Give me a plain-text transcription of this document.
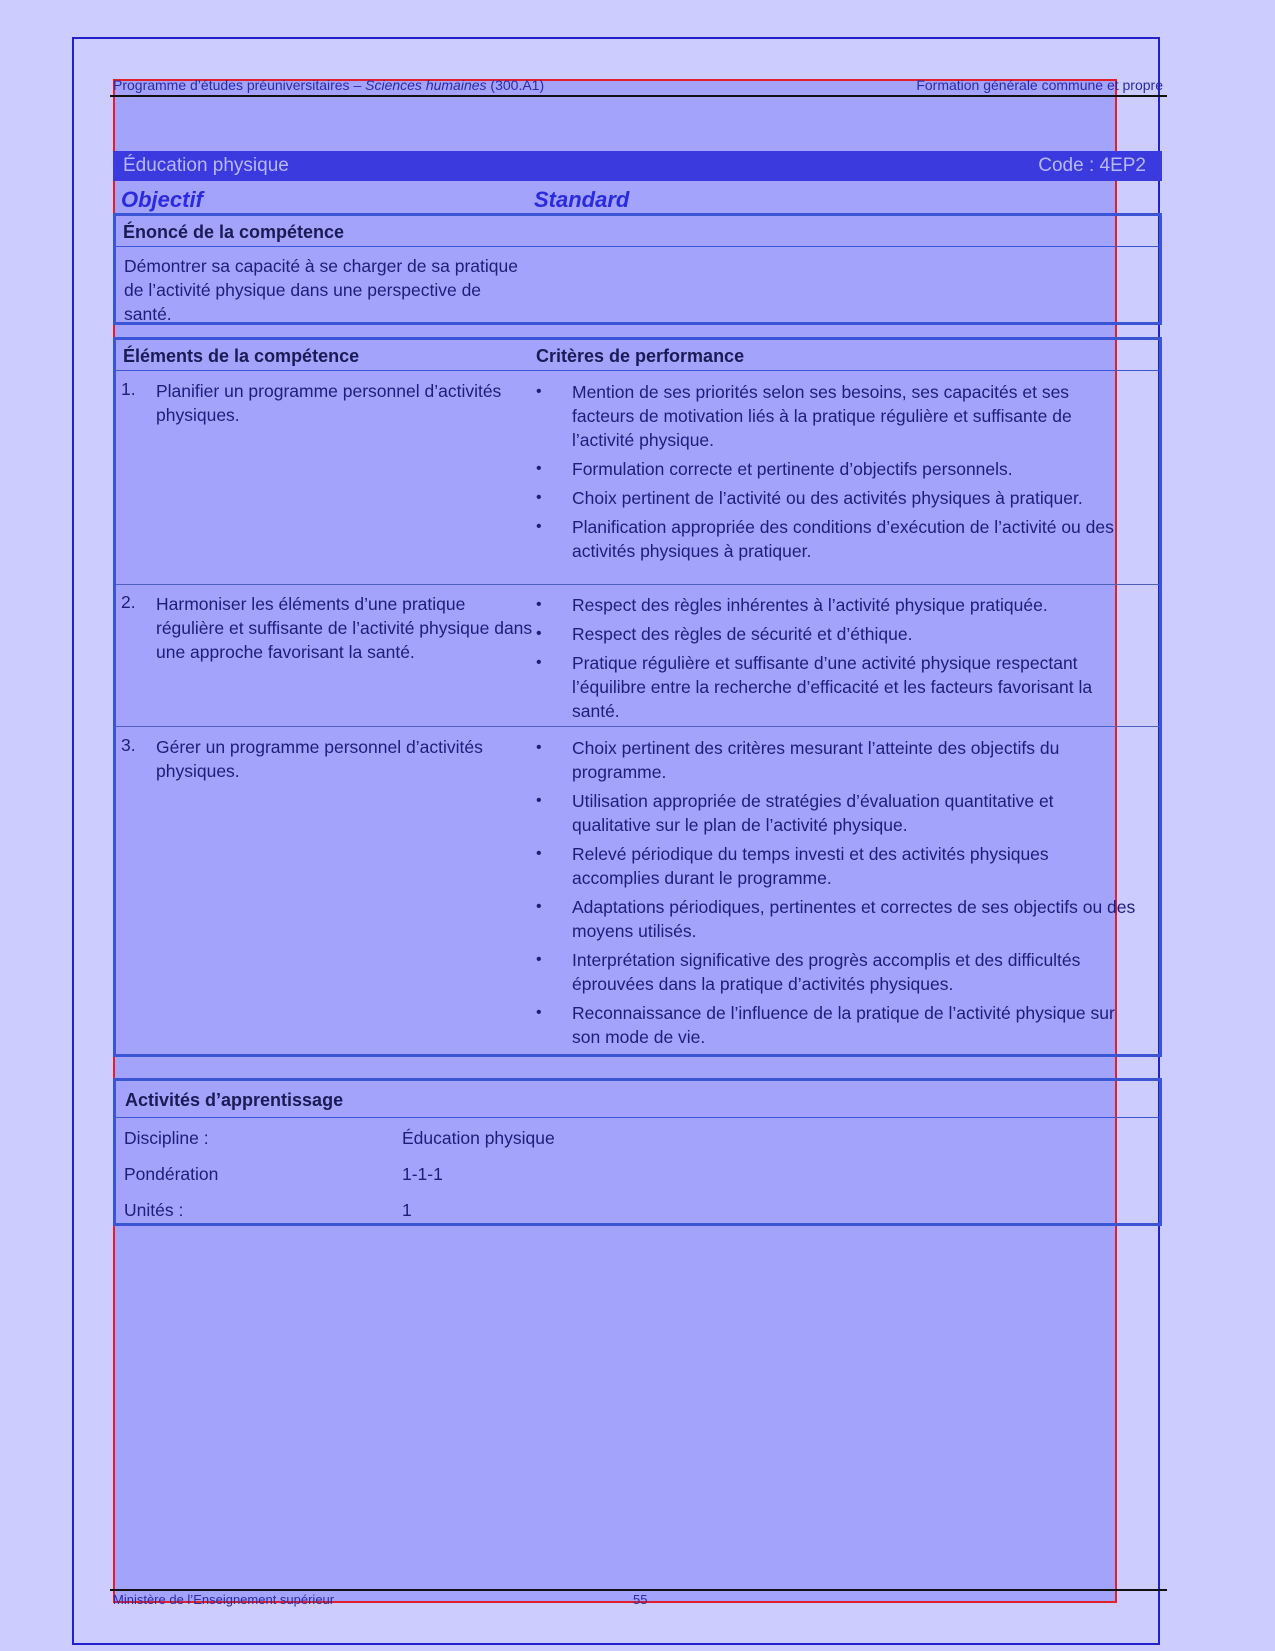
Programme d’études préuniversitaires – Sciences humaines (300.A1)	Formation générale commune et propre
Éducation physique	Code : 4EP2
Objectif	Standard
Énoncé de la compétence
Démontrer sa capacité à se charger de sa pratique de l’activité physique dans une perspective de santé.
Éléments de la compétence	Critères de performance
1. Planifier un programme personnel d’activités physiques.
• Mention de ses priorités selon ses besoins, ses capacités et ses facteurs de motivation liés à la pratique régulière et suffisante de l’activité physique.
• Formulation correcte et pertinente d’objectifs personnels.
• Choix pertinent de l’activité ou des activités physiques à pratiquer.
• Planification appropriée des conditions d’exécution de l’activité ou des activités physiques à pratiquer.
2. Harmoniser les éléments d’une pratique régulière et suffisante de l’activité physique dans une approche favorisant la santé.
• Respect des règles inhérentes à l’activité physique pratiquée.
• Respect des règles de sécurité et d’éthique.
• Pratique régulière et suffisante d’une activité physique respectant l’équilibre entre la recherche d’efficacité et les facteurs favorisant la santé.
3. Gérer un programme personnel d’activités physiques.
• Choix pertinent des critères mesurant l’atteinte des objectifs du programme.
• Utilisation appropriée de stratégies d’évaluation quantitative et qualitative sur le plan de l’activité physique.
• Relevé périodique du temps investi et des activités physiques accomplies durant le programme.
• Adaptations périodiques, pertinentes et correctes de ses objectifs ou des moyens utilisés.
• Interprétation significative des progrès accomplis et des difficultés éprouvées dans la pratique d’activités physiques.
• Reconnaissance de l’influence de la pratique de l’activité physique sur son mode de vie.
Activités d’apprentissage
Discipline :	Éducation physique
Pondération	1-1-1
Unités :	1
Ministère de l’Enseignement supérieur	55
